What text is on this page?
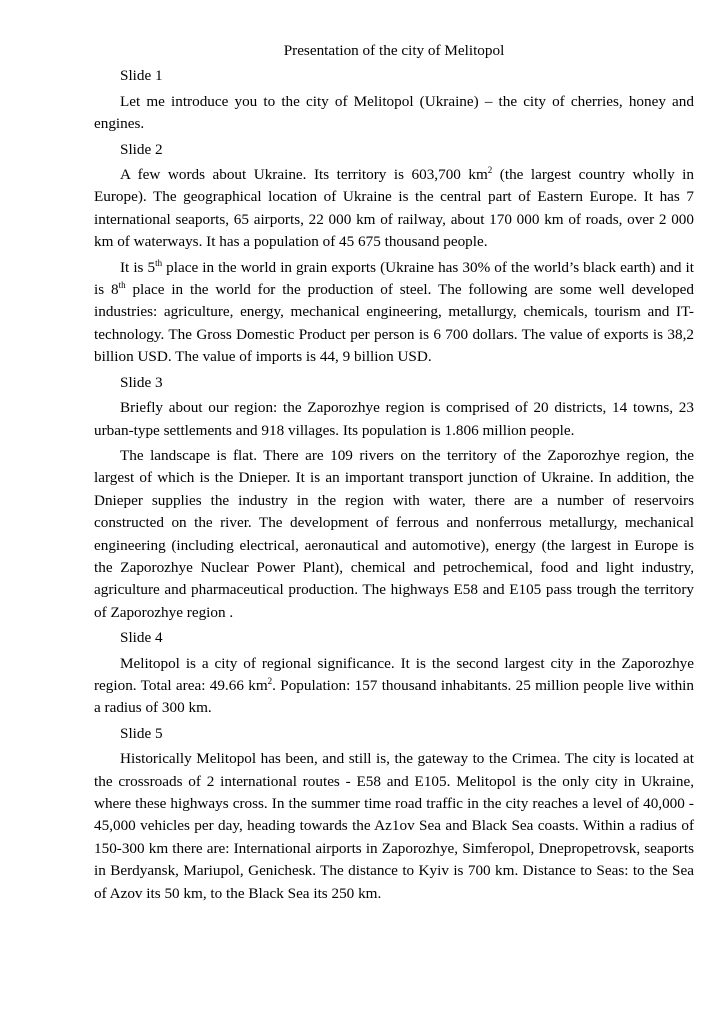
Presentation of the city of Melitopol

Slide 1

Let me introduce you to the city of Melitopol (Ukraine) – the city of cherries, honey and engines.

Slide 2

A few words about Ukraine. Its territory is 603,700 $km^2$ (the largest country wholly in Europe). The geographical location of Ukraine is the central part of Eastern Europe. It has 7 international seaports, 65 airports, 22 000 km of railway, about 170 000 km of roads, over 2 000 km of waterways. It has a population of 45 675 thousand people.

It is 5th place in the world in grain exports (Ukraine has 30% of the world’s black earth) and it is 8th place in the world for the production of steel. The following are some well developed industries: agriculture, energy, mechanical engineering, metallurgy, chemicals, tourism and IT-technology. The Gross Domestic Product per person is 6 700 dollars. The value of exports is 38,2 billion USD. The value of imports is 44, 9 billion USD.

Slide 3

Briefly about our region: the Zaporozhye region is comprised of 20 districts, 14 towns, 23 urban-type settlements and 918 villages. Its population is 1.806 million people.

The landscape is flat. There are 109 rivers on the territory of the Zaporozhye region, the largest of which is the Dnieper. It is an important transport junction of Ukraine. In addition, the Dnieper supplies the industry in the region with water, there are a number of reservoirs constructed on the river. The development of ferrous and nonferrous metallurgy, mechanical engineering (including electrical, aeronautical and automotive), energy (the largest in Europe is the Zaporozhye Nuclear Power Plant), chemical and petrochemical, food and light industry, agriculture and pharmaceutical production. The highways E58 and E105 pass trough the territory of Zaporozhye region .

Slide 4

Melitopol is a city of regional significance. It is the second largest city in the Zaporozhye region. Total area: 49.66 $km^2$. Population: 157 thousand inhabitants. 25 million people live within a radius of 300 km.

Slide 5

Historically Melitopol has been, and still is, the gateway to the Crimea. The city is located at the crossroads of 2 international routes - E58 and E105. Melitopol is the only city in Ukraine, where these highways cross. In the summer time road traffic in the city reaches a level of 40,000 - 45,000 vehicles per day, heading towards the Az1ov Sea and Black Sea coasts. Within a radius of 150-300 km there are: International airports in Zaporozhye, Simferopol, Dnepropetrovsk, seaports in Berdyansk, Mariupol, Genichesk. The distance to Kyiv is 700 km. Distance to Seas: to the Sea of Azov its 50 km, to the Black Sea its 250 km.
